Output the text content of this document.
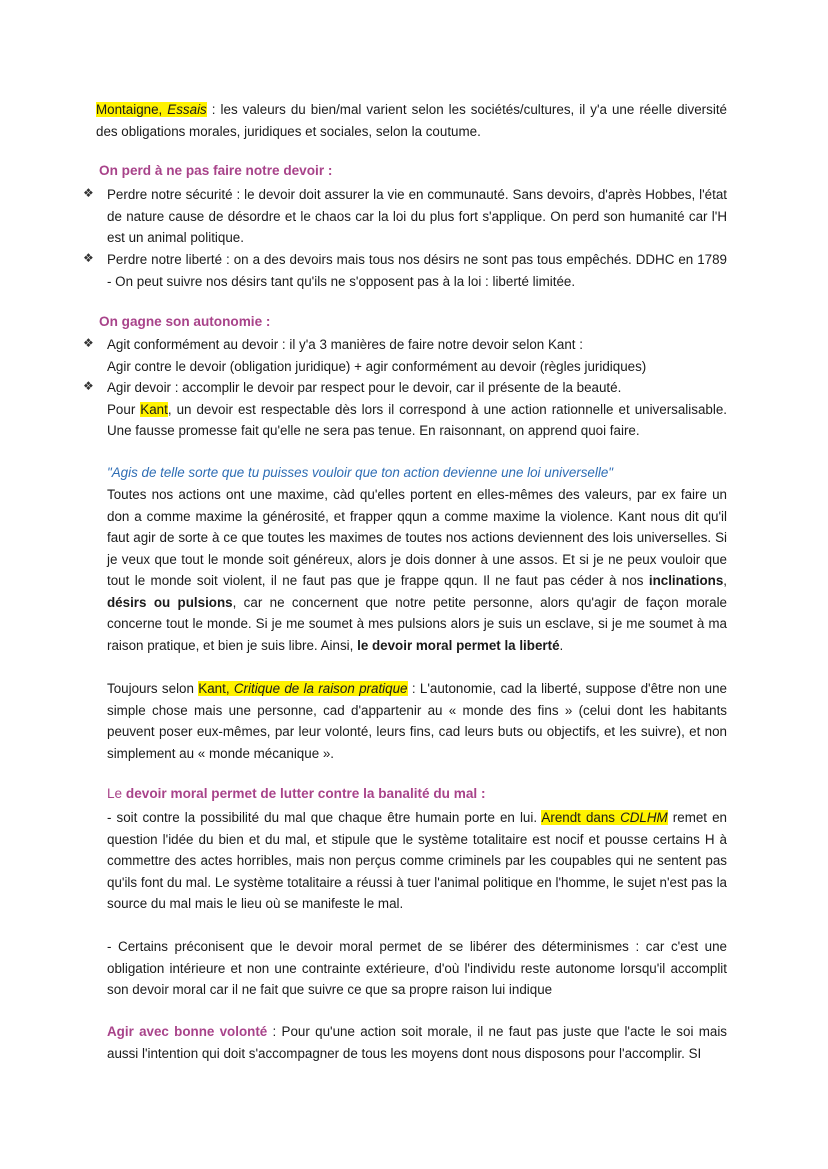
Montaigne, Essais : les valeurs du bien/mal varient selon les sociétés/cultures, il y'a une réelle diversité des obligations morales, juridiques et sociales, selon la coutume.
On perd à ne pas faire notre devoir :
❖ Perdre notre sécurité : le devoir doit assurer la vie en communauté. Sans devoirs, d'après Hobbes, l'état de nature cause de désordre et le chaos car la loi du plus fort s'applique. On perd son humanité car l'H est un animal politique.
❖ Perdre notre liberté : on a des devoirs mais tous nos désirs ne sont pas tous empêchés. DDHC en 1789 - On peut suivre nos désirs tant qu'ils ne s'opposent pas à la loi : liberté limitée.
On gagne son autonomie :
❖ Agit conformément au devoir : il y'a 3 manières de faire notre devoir selon Kant :
Agir contre le devoir (obligation juridique) + agir conformément au devoir (règles juridiques)
❖ Agir devoir : accomplir le devoir par respect pour le devoir, car il présente de la beauté.
Pour Kant, un devoir est respectable dès lors il correspond à une action rationnelle et universalisable. Une fausse promesse fait qu'elle ne sera pas tenue. En raisonnant, on apprend quoi faire.
"Agis de telle sorte que tu puisses vouloir que ton action devienne une loi universelle"
Toutes nos actions ont une maxime, càd qu'elles portent en elles-mêmes des valeurs, par ex faire un don a comme maxime la générosité, et frapper qqun a comme maxime la violence. Kant nous dit qu'il faut agir de sorte à ce que toutes les maximes de toutes nos actions deviennent des lois universelles. Si je veux que tout le monde soit généreux, alors je dois donner à une assos. Et si je ne peux vouloir que tout le monde soit violent, il ne faut pas que je frappe qqun. Il ne faut pas céder à nos inclinations, désirs ou pulsions, car ne concernent que notre petite personne, alors qu'agir de façon morale concerne tout le monde. Si je me soumet à mes pulsions alors je suis un esclave, si je me soumet à ma raison pratique, et bien je suis libre. Ainsi, le devoir moral permet la liberté.
Toujours selon Kant, Critique de la raison pratique : L'autonomie, cad la liberté, suppose d'être non une simple chose mais une personne, cad d'appartenir au « monde des fins » (celui dont les habitants peuvent poser eux-mêmes, par leur volonté, leurs fins, cad leurs buts ou objectifs, et les suivre), et non simplement au « monde mécanique ».
Le devoir moral permet de lutter contre la banalité du mal :
- soit contre la possibilité du mal que chaque être humain porte en lui. Arendt dans CDLHM remet en question l'idée du bien et du mal, et stipule que le système totalitaire est nocif et pousse certains H à commettre des actes horribles, mais non perçus comme criminels par les coupables qui ne sentent pas qu'ils font du mal. Le système totalitaire a réussi à tuer l'animal politique en l'homme, le sujet n'est pas la source du mal mais le lieu où se manifeste le mal.
- Certains préconisent que le devoir moral permet de se libérer des déterminismes : car c'est une obligation intérieure et non une contrainte extérieure, d'où l'individu reste autonome lorsqu'il accomplit son devoir moral car il ne fait que suivre ce que sa propre raison lui indique
Agir avec bonne volonté : Pour qu'une action soit morale, il ne faut pas juste que l'acte le soi mais aussi l'intention qui doit s'accompagner de tous les moyens dont nous disposons pour l'accomplir. SI
